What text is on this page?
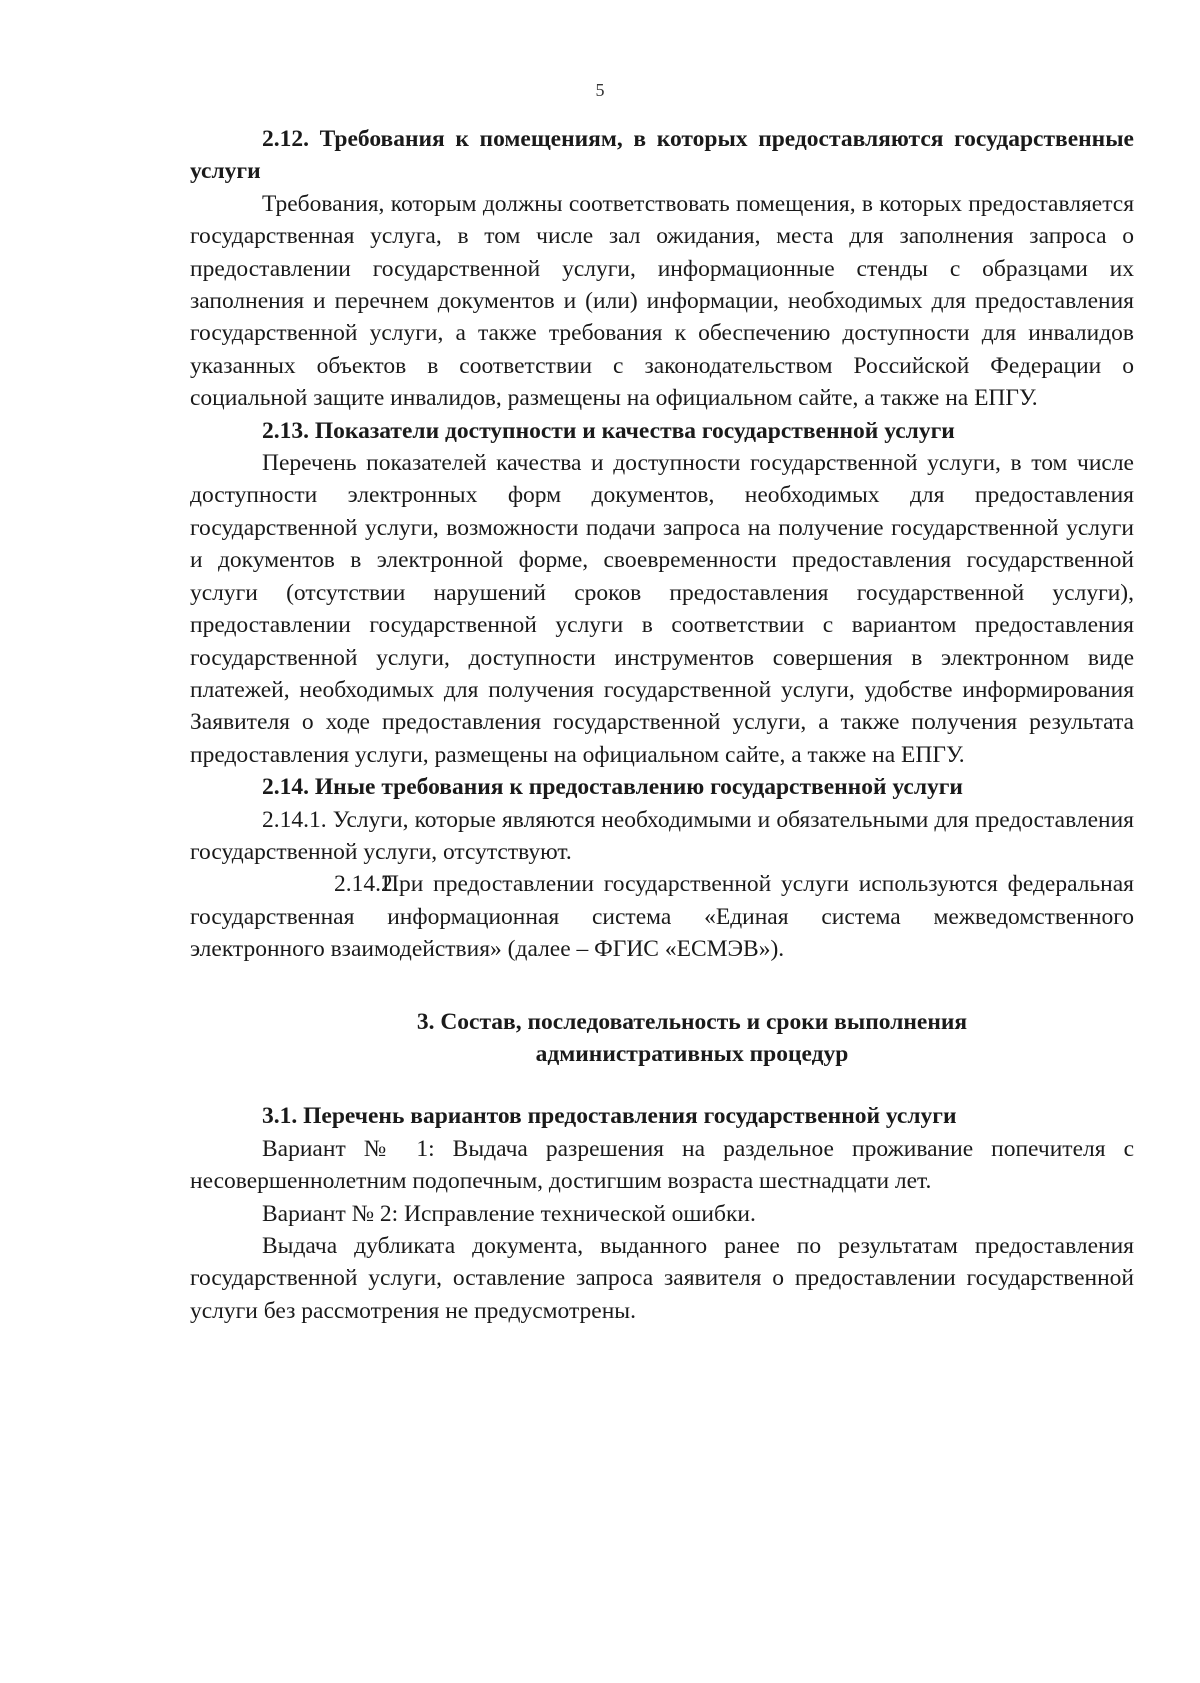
5

2.12. Требования к помещениям, в которых предоставляются государственные услуги

Требования, которым должны соответствовать помещения, в которых предоставляется государственная услуга, в том числе зал ожидания, места для заполнения запроса о предоставлении государственной услуги, информационные стенды с образцами их заполнения и перечнем документов и (или) информации, необходимых для предоставления государственной услуги, а также требования к обеспечению доступности для инвалидов указанных объектов в соответствии с законодательством Российской Федерации о социальной защите инвалидов, размещены на официальном сайте, а также на ЕПГУ.

2.13. Показатели доступности и качества государственной услуги

Перечень показателей качества и доступности государственной услуги, в том числе доступности электронных форм документов, необходимых для предоставления государственной услуги, возможности подачи запроса на получение государственной услуги и документов в электронной форме, своевременности предоставления государственной услуги (отсутствии нарушений сроков предоставления государственной услуги), предоставлении государственной услуги в соответствии с вариантом предоставления государственной услуги, доступности инструментов совершения в электронном виде платежей, необходимых для получения государственной услуги, удобстве информирования Заявителя о ходе предоставления государственной услуги, а также получения результата предоставления услуги, размещены на официальном сайте, а также на ЕПГУ.

2.14. Иные требования к предоставлению государственной услуги

2.14.1. Услуги, которые являются необходимыми и обязательными для предоставления государственной услуги, отсутствуют.

2.14.2.При предоставлении государственной услуги используются федеральная государственная информационная система «Единая система межведомственного электронного взаимодействия» (далее – ФГИС «ЕСМЭВ»).

3. Состав, последовательность и сроки выполнения
административных процедур

3.1. Перечень вариантов предоставления государственной услуги

Вариант № 1: Выдача разрешения на раздельное проживание попечителя с несовершеннолетним подопечным, достигшим возраста шестнадцати лет.

Вариант № 2: Исправление технической ошибки.

Выдача дубликата документа, выданного ранее по результатам предоставления государственной услуги, оставление запроса заявителя о предоставлении государственной услуги без рассмотрения не предусмотрены.
